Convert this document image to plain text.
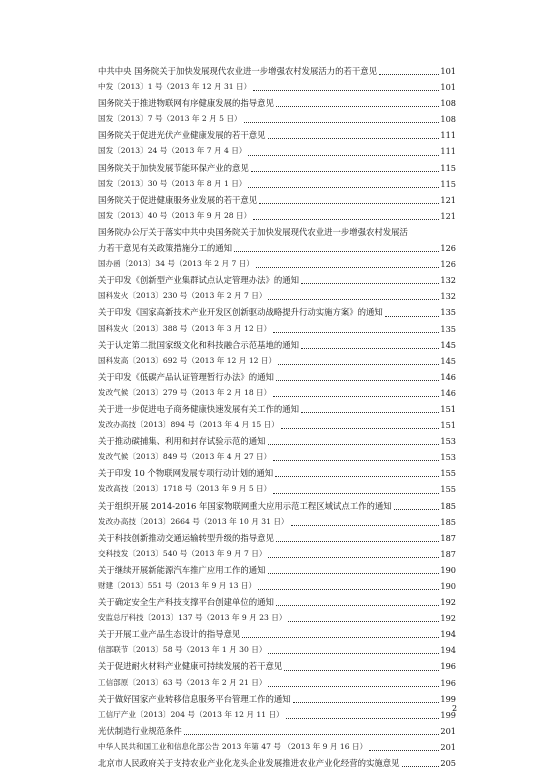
中共中央 国务院关于加快发展现代农业进一步增强农村发展活力的若干意见	101
中发〔2013〕1 号（2013 年 12 月 31 日）	101
国务院关于推进物联网有序健康发展的指导意见	108
国发〔2013〕7 号（2013 年 2 月 5 日）	108
国务院关于促进光伏产业健康发展的若干意见	111
国发〔2013〕24 号（2013 年 7 月 4 日）	111
国务院关于加快发展节能环保产业的意见	115
国发〔2013〕30 号（2013 年 8 月 1 日）	115
国务院关于促进健康服务业发展的若干意见	121
国发〔2013〕40 号（2013 年 9 月 28 日）	121
国务院办公厅关于落实中共中央国务院关于加快发展现代农业进一步增强农村发展活
力若干意见有关政策措施分工的通知	126
国办函〔2013〕34 号（2013 年 2 月 7 日）	126
关于印发《创新型产业集群试点认定管理办法》的通知	132
国科发火〔2013〕230 号（2013 年 2 月 7 日）	132
关于印发《国家高新技术产业开发区创新驱动战略提升行动实施方案》的通知	135
国科发火〔2013〕388 号（2013 年 3 月 12 日）	135
关于认定第二批国家级文化和科技融合示范基地的通知	145
国科发高〔2013〕692 号（2013 年 12 月 12 日）	145
关于印发《低碳产品认证管理暂行办法》的通知	146
发改气候〔2013〕279 号（2013 年 2 月 18 日）	146
关于进一步促进电子商务健康快速发展有关工作的通知	151
发改办高技〔2013〕894 号（2013 年 4 月 15 日）	151
关于推动碳捕集、利用和封存试验示范的通知	153
发改气候〔2013〕849 号（2013 年 4 月 27 日）	153
关于印发 10 个物联网发展专项行动计划的通知	155
发改高技〔2013〕1718 号（2013 年 9 月 5 日）	155
关于组织开展 2014-2016 年国家物联网重大应用示范工程区域试点工作的通知	185
发改办高技〔2013〕2664 号（2013 年 10 月 31 日）	185
关于科技创新推动交通运输转型升级的指导意见	187
交科技发〔2013〕540 号（2013 年 9 月 7 日）	187
关于继续开展新能源汽车推广应用工作的通知	190
财建〔2013〕551 号（2013 年 9 月 13 日）	190
关于确定安全生产科技支撑平台创建单位的通知	192
安监总厅科技〔2013〕137 号（2013 年 9 月 23 日）	192
关于开展工业产品生态设计的指导意见	194
信部联节〔2013〕58 号（2013 年 1 月 30 日）	194
关于促进耐火材料产业健康可持续发展的若干意见	196
工信部原〔2013〕63 号（2013 年 2 月 21 日）	196
关于做好国家产业转移信息服务平台管理工作的通知	199
工信厅产业〔2013〕204 号（2013 年 12 月 11 日）	199
光伏制造行业规范条件	201
中华人民共和国工业和信息化部公告 2013 年第 47 号 （2013 年 9 月 16 日）	201
北京市人民政府关于支持农业产业化龙头企业发展推进农业产业化经营的实施意见	205
2
